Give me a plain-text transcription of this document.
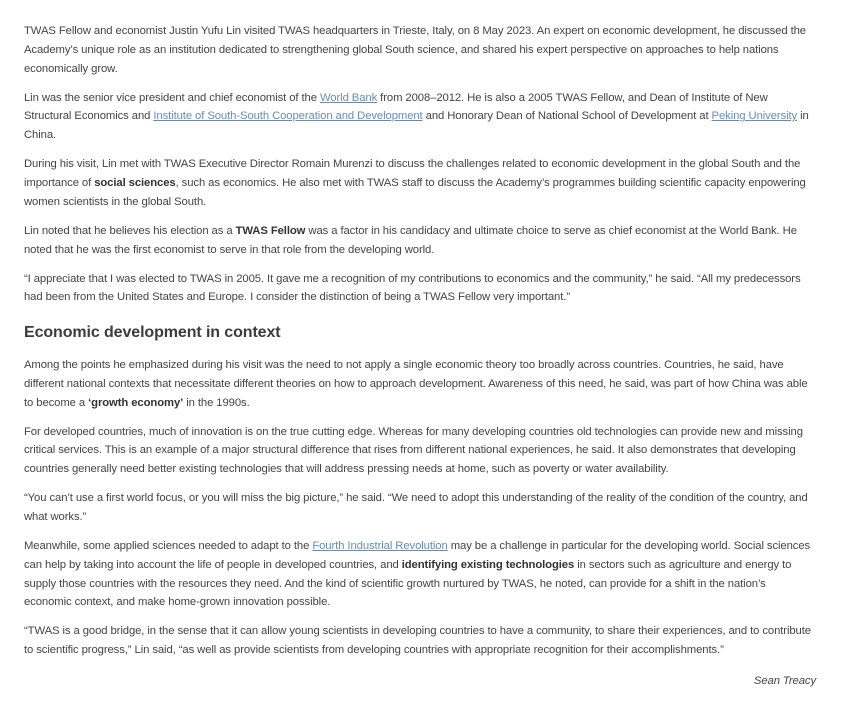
TWAS Fellow and economist Justin Yufu Lin visited TWAS headquarters in Trieste, Italy, on 8 May 2023. An expert on economic development, he discussed the Academy’s unique role as an institution dedicated to strengthening global South science, and shared his expert perspective on approaches to help nations economically grow.

Lin was the senior vice president and chief economist of the World Bank from 2008–2012. He is also a 2005 TWAS Fellow, and Dean of Institute of New Structural Economics and Institute of South-South Cooperation and Development and Honorary Dean of National School of Development at Peking University in China.

During his visit, Lin met with TWAS Executive Director Romain Murenzi to discuss the challenges related to economic development in the global South and the importance of social sciences, such as economics. He also met with TWAS staff to discuss the Academy’s programmes building scientific capacity enpowering women scientists in the global South.

Lin noted that he believes his election as a TWAS Fellow was a factor in his candidacy and ultimate choice to serve as chief economist at the World Bank. He noted that he was the first economist to serve in that role from the developing world.

“I appreciate that I was elected to TWAS in 2005. It gave me a recognition of my contributions to economics and the community,” he said. “All my predecessors had been from the United States and Europe. I consider the distinction of being a TWAS Fellow very important.”

Economic development in context

Among the points he emphasized during his visit was the need to not apply a single economic theory too broadly across countries. Countries, he said, have different national contexts that necessitate different theories on how to approach development. Awareness of this need, he said, was part of how China was able to become a ‘growth economy’ in the 1990s.

For developed countries, much of innovation is on the true cutting edge. Whereas for many developing countries old technologies can provide new and missing critical services. This is an example of a major structural difference that rises from different national experiences, he said. It also demonstrates that developing countries generally need better existing technologies that will address pressing needs at home, such as poverty or water availability.

“You can’t use a first world focus, or you will miss the big picture,” he said. “We need to adopt this understanding of the reality of the condition of the country, and what works.”

Meanwhile, some applied sciences needed to adapt to the Fourth Industrial Revolution may be a challenge in particular for the developing world. Social sciences can help by taking into account the life of people in developed countries, and identifying existing technologies in sectors such as agriculture and energy to supply those countries with the resources they need. And the kind of scientific growth nurtured by TWAS, he noted, can provide for a shift in the nation’s economic context, and make home-grown innovation possible.

“TWAS is a good bridge, in the sense that it can allow young scientists in developing countries to have a community, to share their experiences, and to contribute to scientific progress,” Lin said, “as well as provide scientists from developing countries with appropriate recognition for their accomplishments.”

Sean Treacy
